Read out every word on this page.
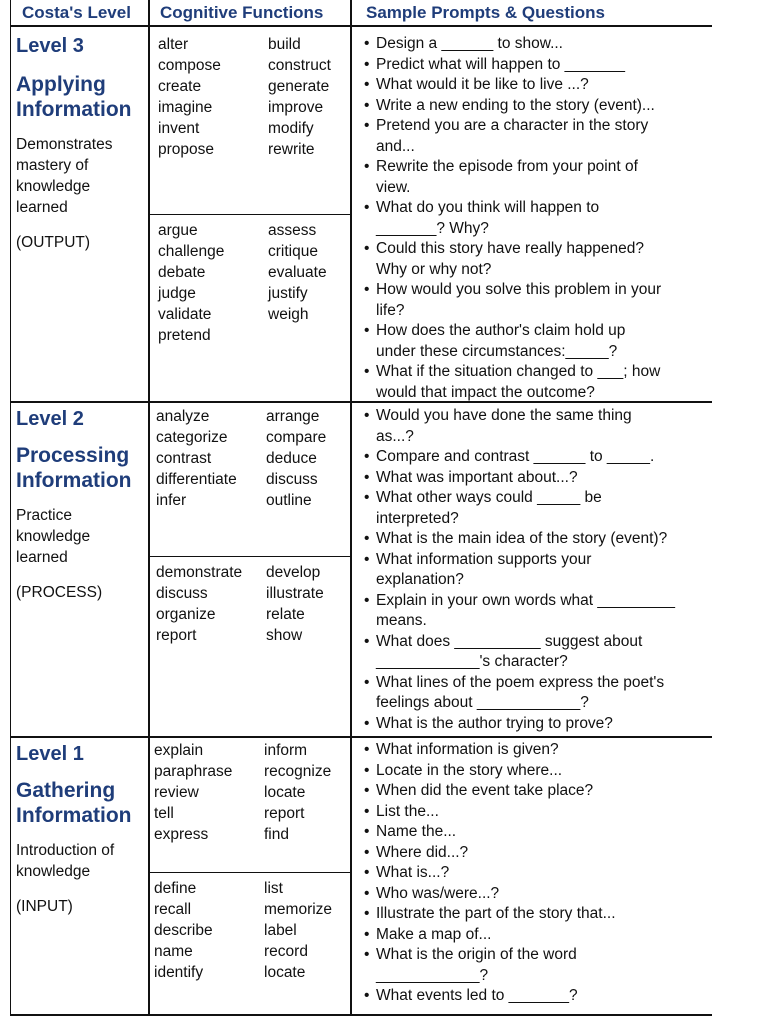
Costa's Level Cognitive Functions	Sample Prompts & Questions

Level 3

Applying
Information

Demonstrates
mastery of
knowledge
learned

(OUTPUT)

alter	build
compose	construct
create	generate
imagine	improve
invent	modify
propose	rewrite
argue	assess
challenge	critique
debate	evaluate
judge	justify
validate	weigh
pretend
• Design a ______ to show...
• Predict what will happen to _______
• What would it be like to live ...?
• Write a new ending to the story (event)...
• Pretend you are a character in the story
and...
• Rewrite the episode from your point of
view.
• What do you think will happen to
_______? Why?
• Could this story have really happened?
Why or why not?
• How would you solve this problem in your
life?
• How does the author's claim hold up
under these circumstances:_____?
• What if the situation changed to ___; how
would that impact the outcome?

Level 2

Processing
Information

Practice
knowledge
learned

(PROCESS)

analyze	arrange
categorize compare
contrast	deduce
differentiate discuss
infer	outline
demonstrate develop
discuss	illustrate
organize	relate
report	show
• Would you have done the same thing
as...?
• Compare and contrast ______ to _____.
• What was important about...?
• What other ways could _____ be
interpreted?
• What is the main idea of the story (event)?
• What information supports your
explanation?
• Explain in your own words what _________
means.
• What does __________ suggest about
____________'s character?
• What lines of the poem express the poet's
feelings about ____________?
• What is the author trying to prove?

Level 1

Gathering
Information

Introduction of
knowledge

(INPUT)

explain	inform
paraphrase recognize
review	locate
tell	report
express	find
define	list
recall	memorize
describe	label
name	record
identify	locate
• What information is given?
• Locate in the story where...
• When did the event take place?
• List the...
• Name the...
• Where did...?
• What is...?
• Who was/were...?
• Illustrate the part of the story that...
• Make a map of...
• What is the origin of the word
____________?
• What events led to _______?
